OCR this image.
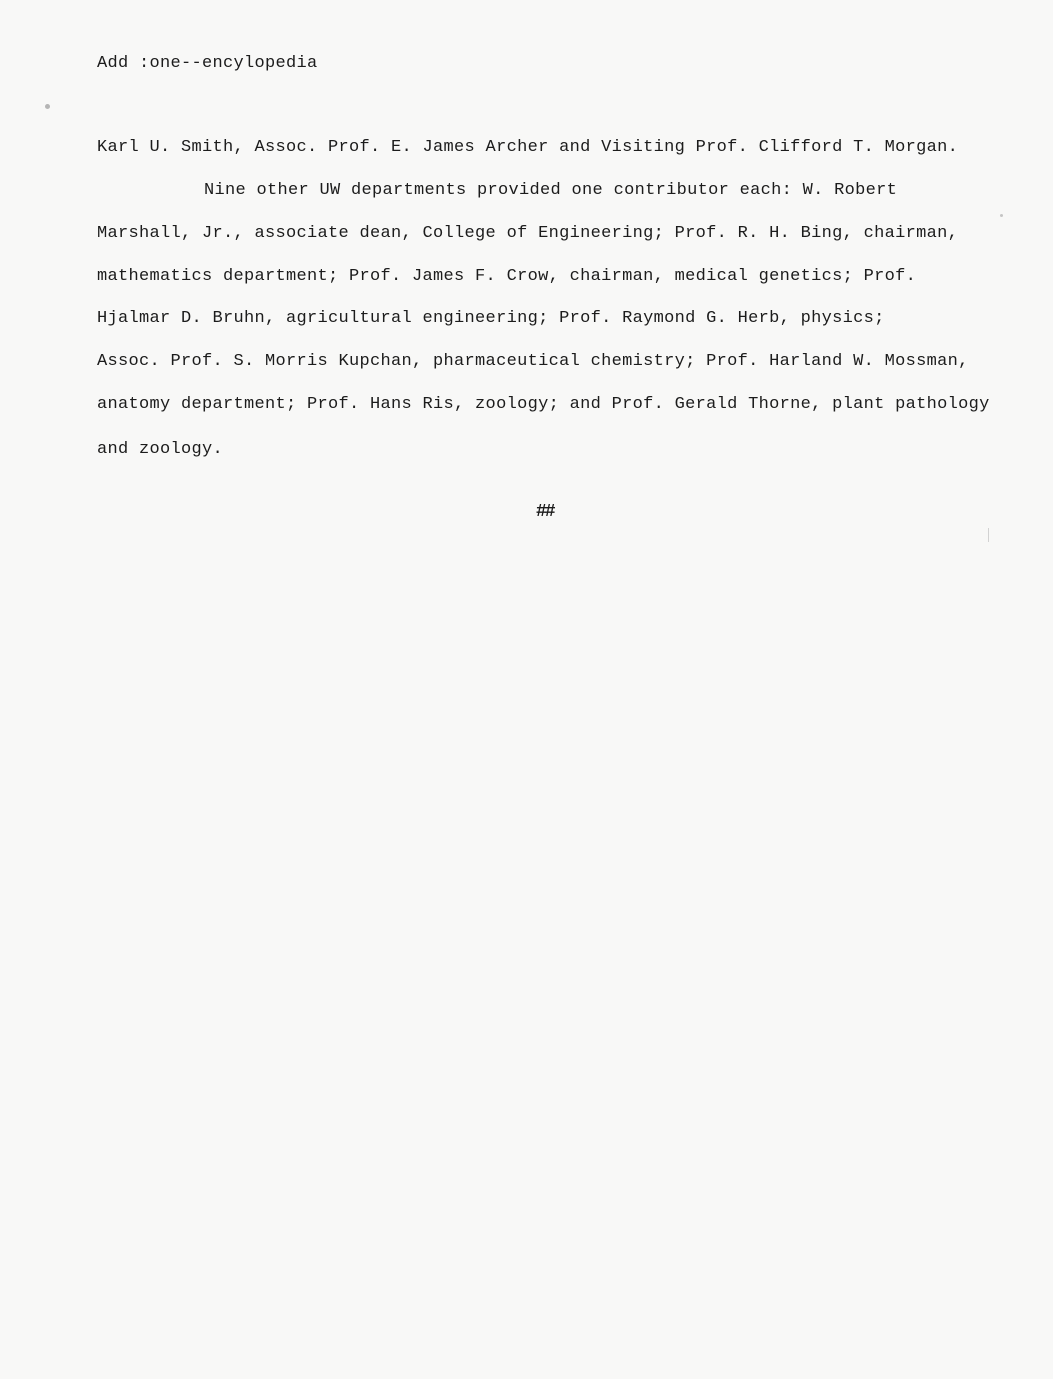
Add :one--encylopedia
Karl U. Smith, Assoc. Prof. E. James Archer and Visiting Prof. Clifford T. Morgan.
Nine other UW departments provided one contributor each: W. Robert
Marshall, Jr., associate dean, College of Engineering; Prof. R. H. Bing, chairman,
mathematics department; Prof. James F. Crow, chairman, medical genetics; Prof.
Hjalmar D. Bruhn, agricultural engineering; Prof. Raymond G. Herb, physics;
Assoc. Prof. S. Morris Kupchan, pharmaceutical chemistry; Prof. Harland W. Mossman,
anatomy department; Prof. Hans Ris, zoology; and Prof. Gerald Thorne, plant pathology
and zoology.
##
